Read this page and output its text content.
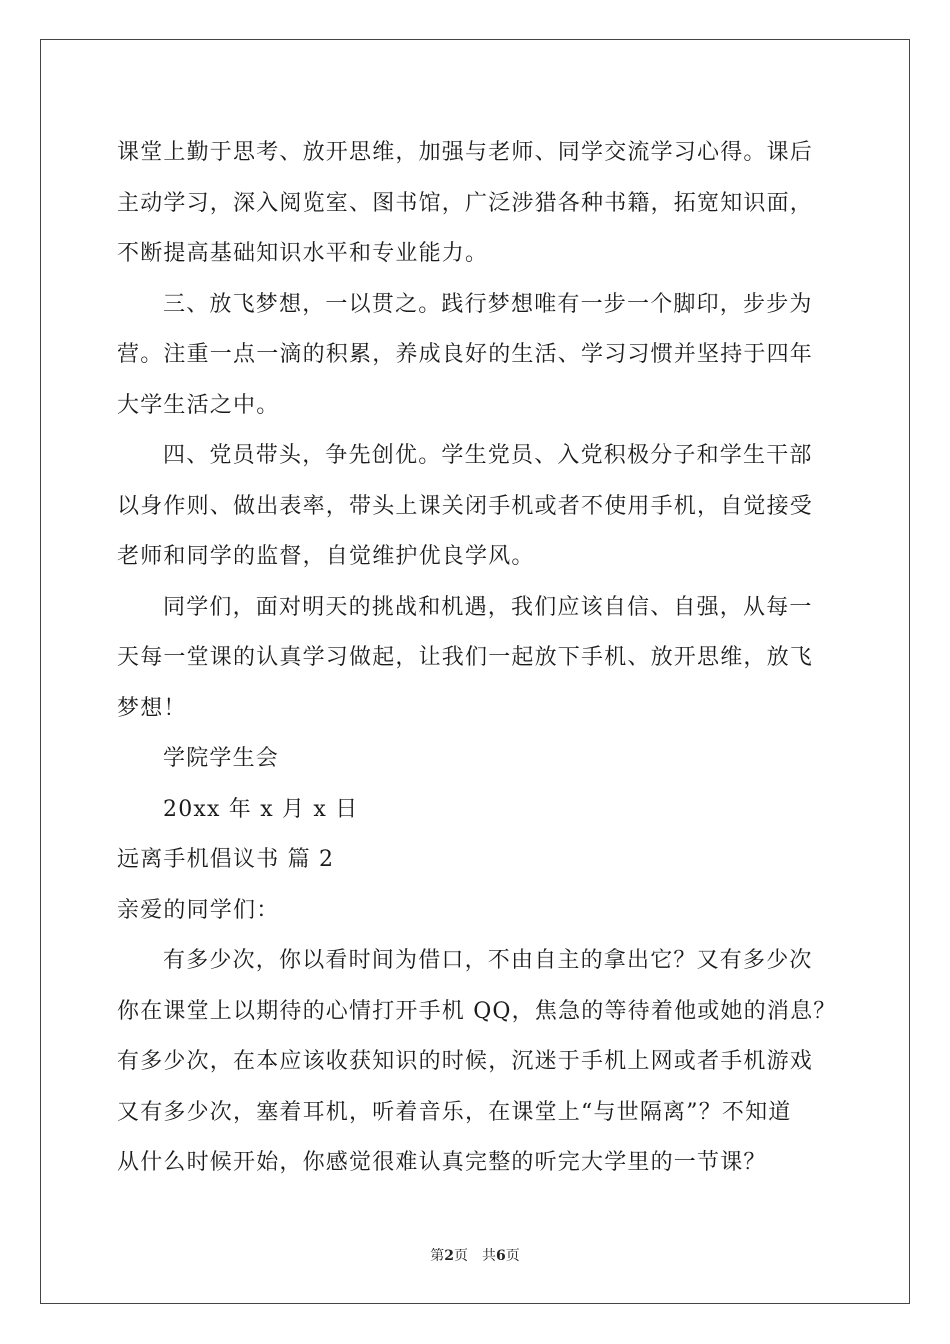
课堂上勤于思考、放开思维，加强与老师、同学交流学习心得。课后
主动学习，深入阅览室、图书馆，广泛涉猎各种书籍，拓宽知识面，
不断提高基础知识水平和专业能力。

三、放飞梦想，一以贯之。践行梦想唯有一步一个脚印，步步为
营。注重一点一滴的积累，养成良好的生活、学习习惯并坚持于四年
大学生活之中。

四、党员带头，争先创优。学生党员、入党积极分子和学生干部
以身作则、做出表率，带头上课关闭手机或者不使用手机，自觉接受
老师和同学的监督，自觉维护优良学风。

同学们，面对明天的挑战和机遇，我们应该自信、自强，从每一
天每一堂课的认真学习做起，让我们一起放下手机、放开思维，放飞
梦想！

学院学生会

20xx 年 x 月 x 日

远离手机倡议书 篇 2

亲爱的同学们：

有多少次，你以看时间为借口，不由自主的拿出它？又有多少次
你在课堂上以期待的心情打开手机 QQ，焦急的等待着他或她的消息？
有多少次，在本应该收获知识的时候，沉迷于手机上网或者手机游戏
又有多少次，塞着耳机，听着音乐，在课堂上“与世隔离”？不知道
从什么时候开始，你感觉很难认真完整的听完大学里的一节课？

第2页　共6页
